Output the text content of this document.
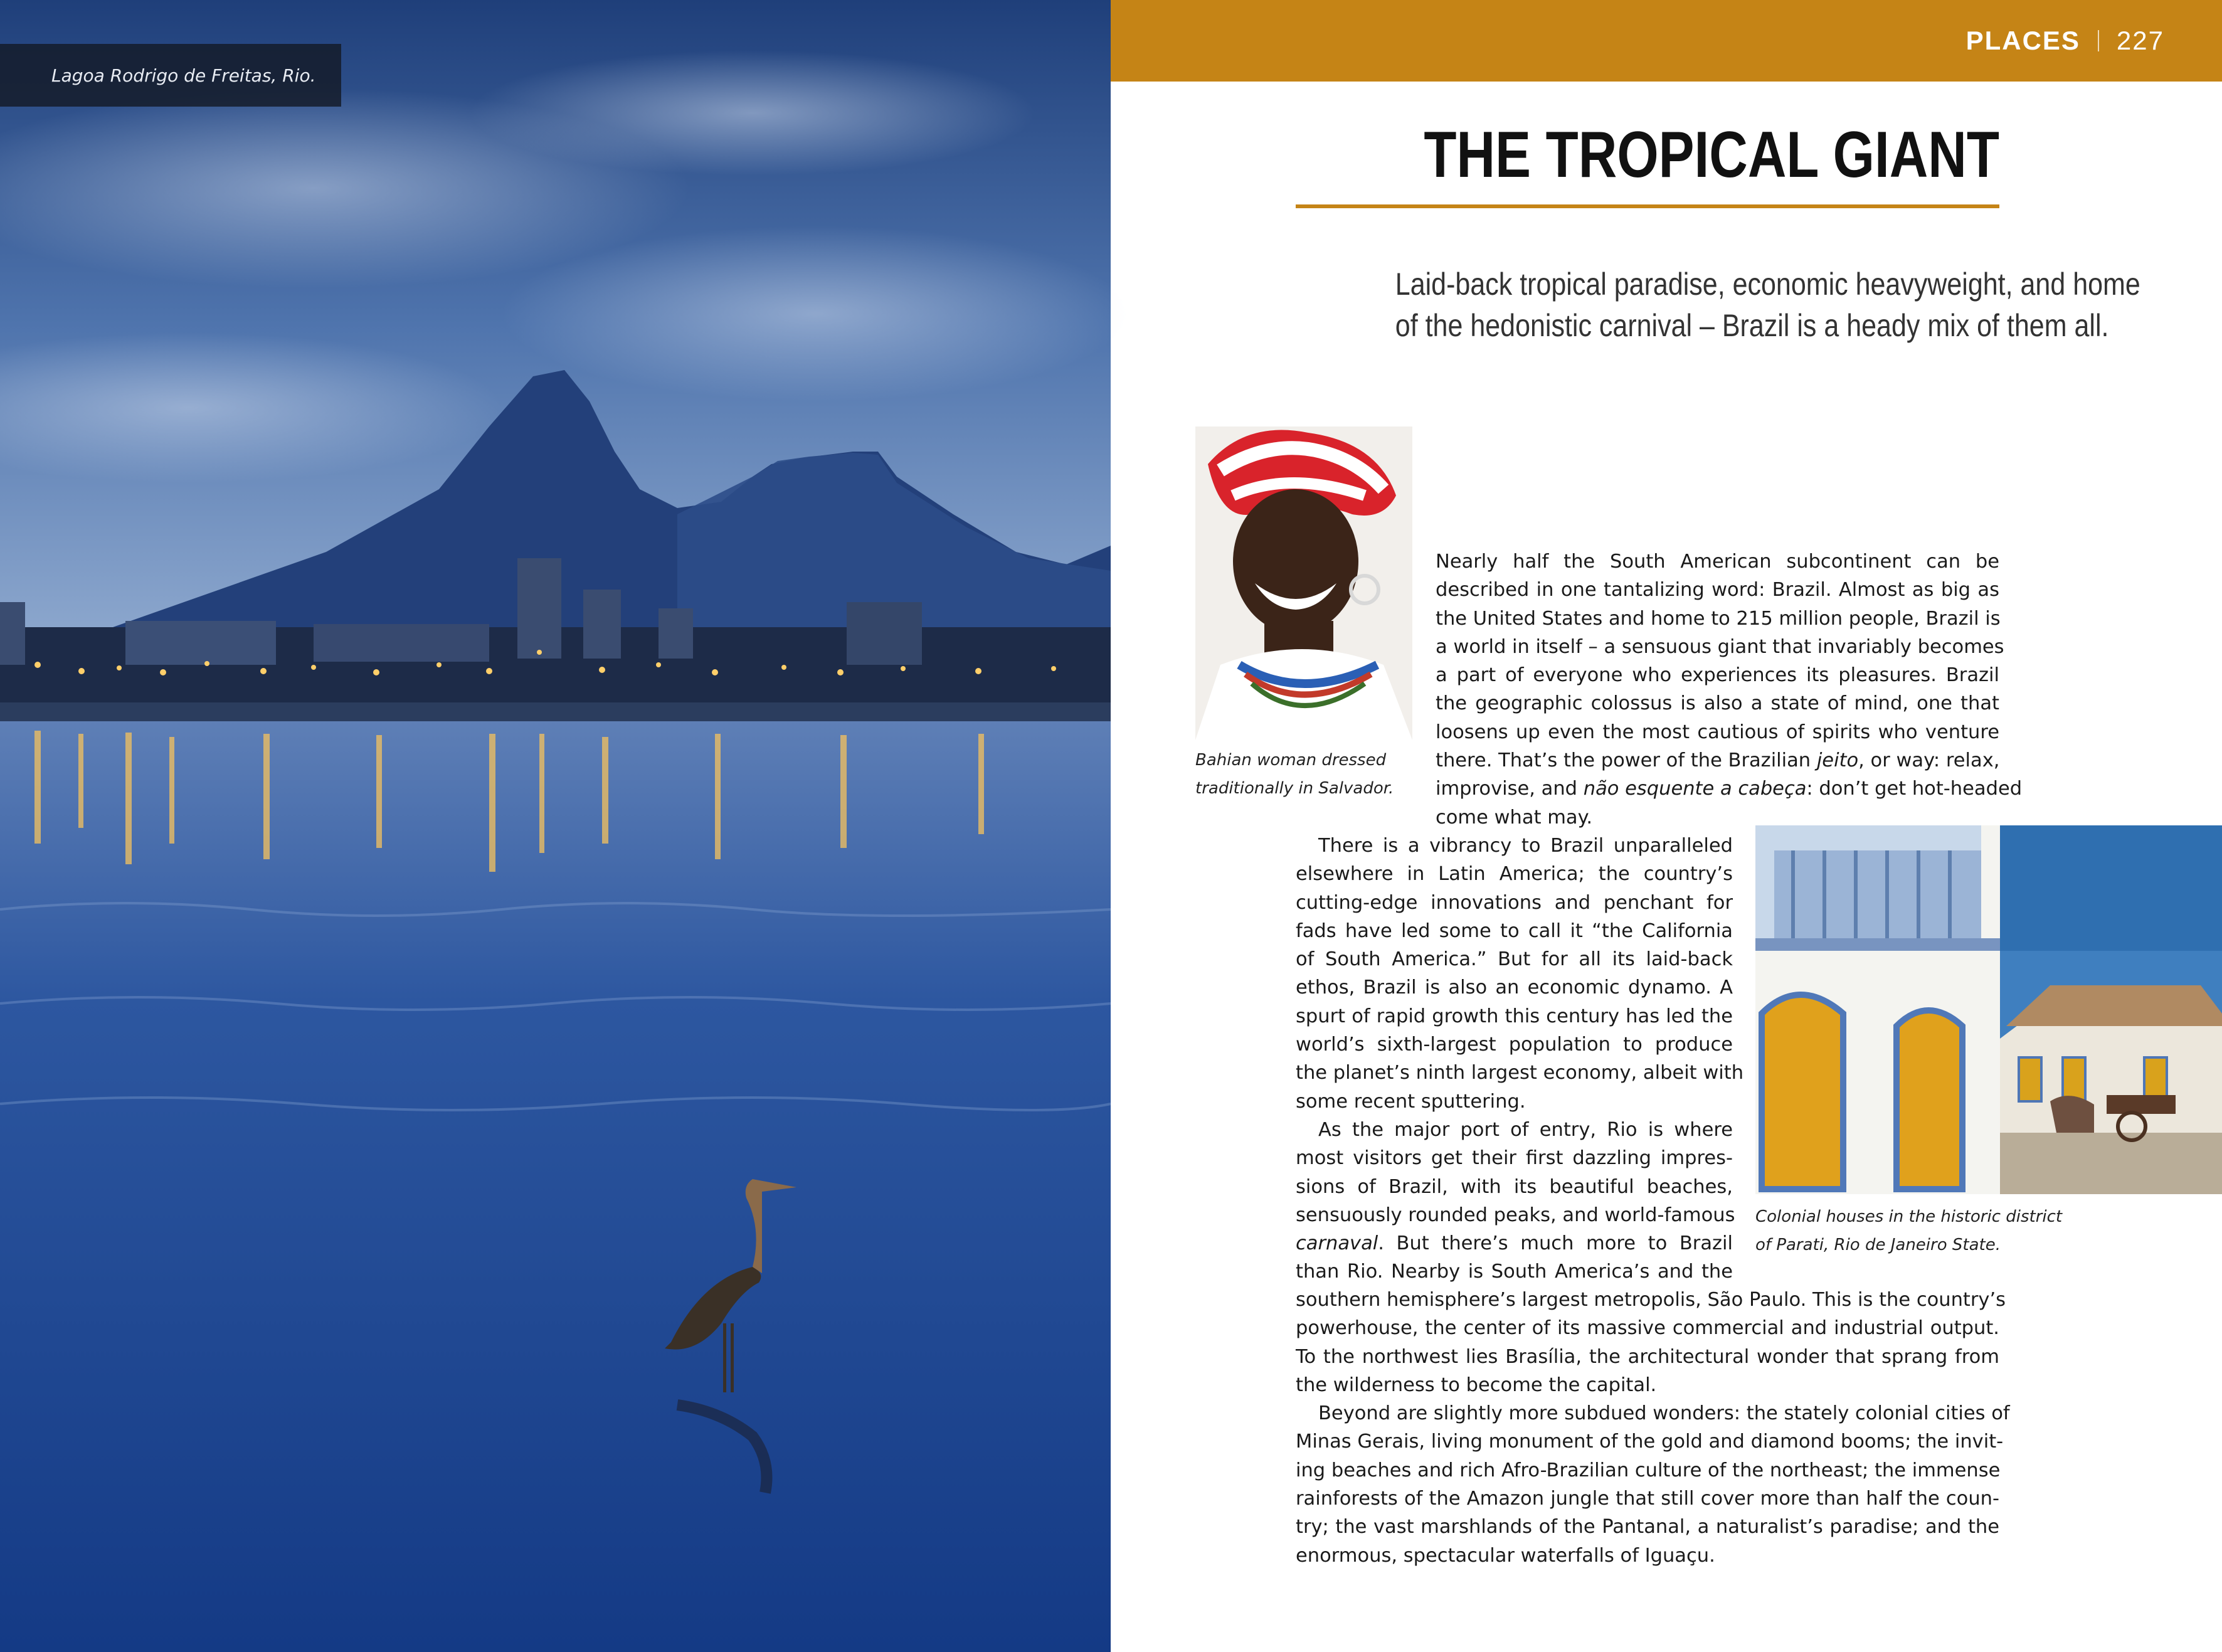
Lagoa Rodrigo de Freitas, Rio.
PLACES 227
THE TROPICAL GIANT
Laid-back tropical paradise, economic heavyweight, and home
of the hedonistic carnival – Brazil is a heady mix of them all.
Bahian woman dressed
traditionally in Salvador.
Colonial houses in the historic district
of Parati, Rio de Janeiro State.
Nearly half the South American subcontinent can be
described in one tantalizing word: Brazil. Almost as big as
the United States and home to 215 million people, Brazil is
a world in itself – a sensuous giant that invariably becomes
a part of everyone who experiences its pleasures. Brazil
the geographic colossus is also a state of mind, one that
loosens up even the most cautious of spirits who venture
there. That’s the power of the Brazilian jeito, or way: relax,
improvise, and não esquente a cabeça: don’t get hot-headed
come what may.
There is a vibrancy to Brazil unparalleled
elsewhere in Latin America; the country’s
cutting-edge innovations and penchant for
fads have led some to call it “the California
of South America.” But for all its laid-back
ethos, Brazil is also an economic dynamo. A
spurt of rapid growth this century has led the
world’s sixth-largest population to produce
the planet’s ninth largest economy, albeit with
some recent sputtering.
As the major port of entry, Rio is where
most visitors get their first dazzling impres-
sions of Brazil, with its beautiful beaches,
sensuously rounded peaks, and world-famous
carnaval. But there’s much more to Brazil
than Rio. Nearby is South America’s and the
southern hemisphere’s largest metropolis, São Paulo. This is the country’s
powerhouse, the center of its massive commercial and industrial output.
To the northwest lies Brasília, the architectural wonder that sprang from
the wilderness to become the capital.
Beyond are slightly more subdued wonders: the stately colonial cities of
Minas Gerais, living monument of the gold and diamond booms; the invit-
ing beaches and rich Afro-Brazilian culture of the northeast; the immense
rainforests of the Amazon jungle that still cover more than half the coun-
try; the vast marshlands of the Pantanal, a naturalist’s paradise; and the
enormous, spectacular waterfalls of Iguaçu.
